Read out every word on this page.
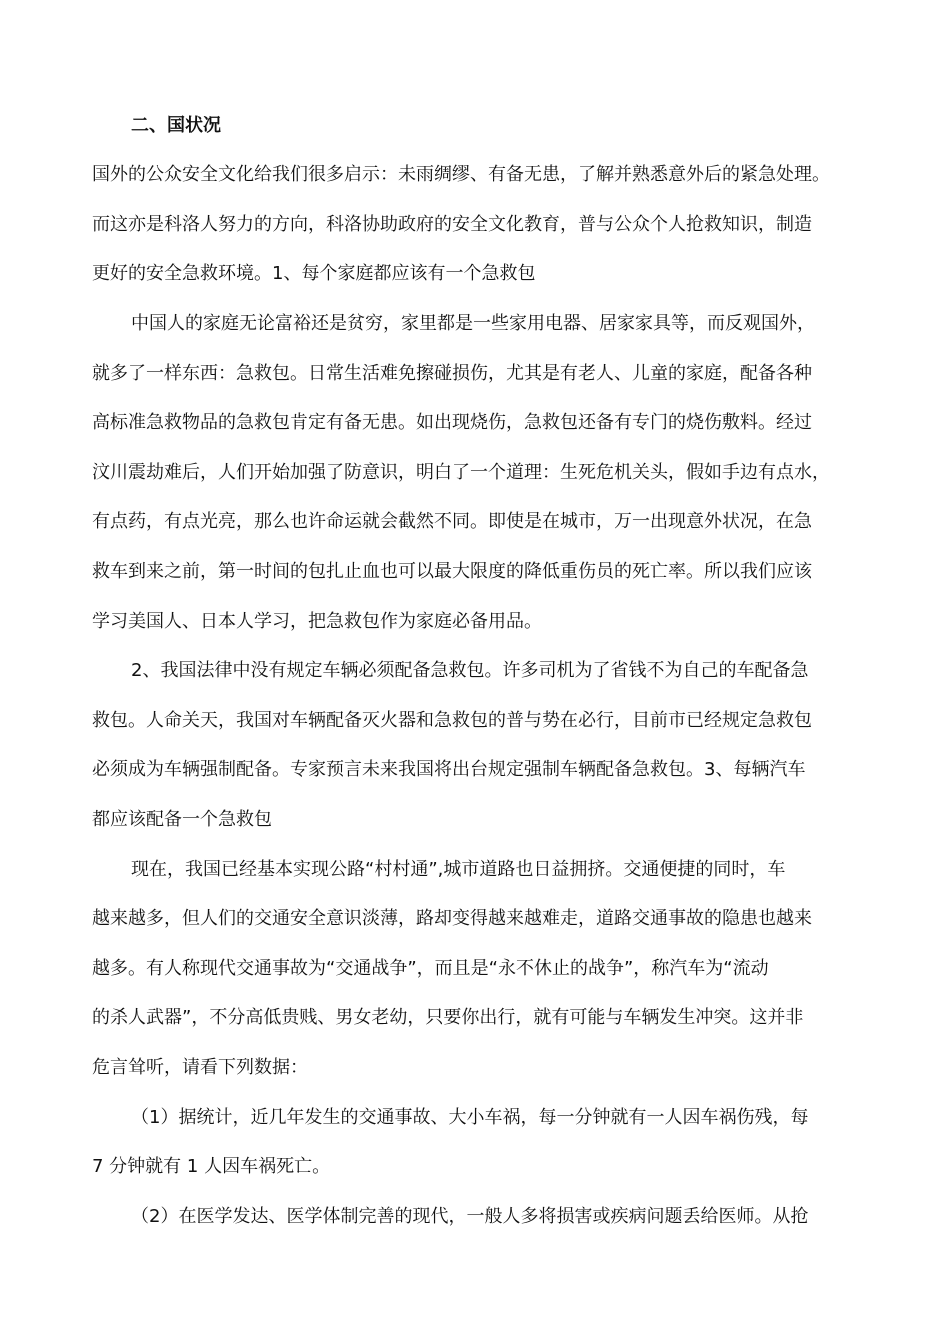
二、国状况
国外的公众安全文化给我们很多启示：未雨绸缪、有备无患，了解并熟悉意外后的紧急处理。
而这亦是科洛人努力的方向，科洛协助政府的安全文化教育，普与公众个人抢救知识，制造
更好的安全急救环境。1、每个家庭都应该有一个急救包
中国人的家庭无论富裕还是贫穷，家里都是一些家用电器、居家家具等，而反观国外，
就多了一样东西：急救包。日常生活难免擦碰损伤，尤其是有老人、儿童的家庭，配备各种
高标准急救物品的急救包肯定有备无患。如出现烧伤，急救包还备有专门的烧伤敷料。经过
汶川震劫难后，人们开始加强了防意识，明白了一个道理：生死危机关头，假如手边有点水，
有点药，有点光亮，那么也许命运就会截然不同。即使是在城市，万一出现意外状况，在急
救车到来之前，第一时间的包扎止血也可以最大限度的降低重伤员的死亡率。所以我们应该
学习美国人、日本人学习，把急救包作为家庭必备用品。
2、我国法律中没有规定车辆必须配备急救包。许多司机为了省钱不为自己的车配备急
救包。人命关天，我国对车辆配备灭火器和急救包的普与势在必行，目前市已经规定急救包
必须成为车辆强制配备。专家预言未来我国将出台规定强制车辆配备急救包。3、每辆汽车
都应该配备一个急救包
现在，我国已经基本实现公路“村村通”,城市道路也日益拥挤。交通便捷的同时，车
越来越多，但人们的交通安全意识淡薄，路却变得越来越难走，道路交通事故的隐患也越来
越多。有人称现代交通事故为“交通战争”，而且是“永不休止的战争”，称汽车为“流动
的杀人武器”，不分高低贵贱、男女老幼，只要你出行，就有可能与车辆发生冲突。这并非
危言耸听，请看下列数据：
（1）据统计，近几年发生的交通事故、大小车祸，每一分钟就有一人因车祸伤残，每
7 分钟就有 1 人因车祸死亡。
（2）在医学发达、医学体制完善的现代，一般人多将损害或疾病问题丢给医师。从抢
